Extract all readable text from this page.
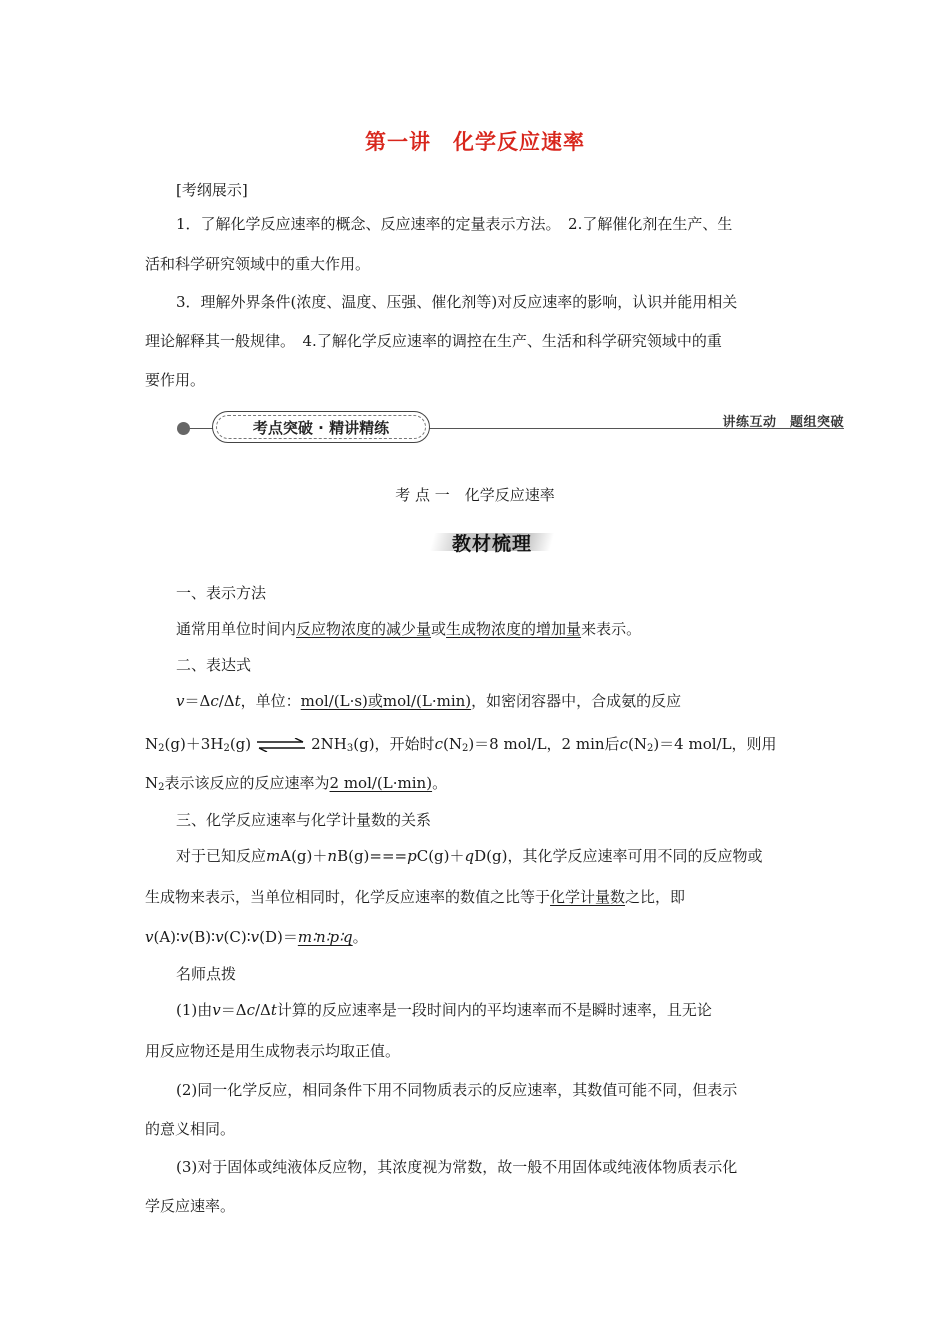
第一讲　化学反应速率
[考纲展示]
1．了解化学反应速率的概念、反应速率的定量表示方法。　2.了解催化剂在生产、生
活和科学研究领域中的重大作用。
3．理解外界条件(浓度、温度、压强、催化剂等)对反应速率的影响，认识并能用相关
理论解释其一般规律。　4.了解化学反应速率的调控在生产、生活和科学研究领域中的重
要作用。
考点突破 · 精讲精练	讲练互动　题组突破
考 点 一　化学反应速率
教材梳理
一、表示方法
通常用单位时间内反应物浓度的减少量或生成物浓度的增加量来表示。
二、表达式
v＝Δc/Δt，单位：mol/(L·s)或mol/(L·min)，如密闭容器中，合成氨的反应
$N_2(g)+3H_2(g)$ ⇌ $2NH_3(g)$，开始时$c(N_2)=8$ mol/L，2 min后$c(N_2)=4$ mol/L，则用
$N_2$表示该反应的反应速率为2 mol/(L·min)。
三、化学反应速率与化学计量数的关系
对于已知反应mA(g)＋nB(g)===pC(g)＋qD(g)，其化学反应速率可用不同的反应物或
生成物来表示，当单位相同时，化学反应速率的数值之比等于化学计量数之比，即
v(A)∶v(B)∶v(C)∶v(D)＝m∶n∶p∶q。
名师点拨
(1)由v＝Δc/Δt计算的反应速率是一段时间内的平均速率而不是瞬时速率，且无论
用反应物还是用生成物表示均取正值。
(2)同一化学反应，相同条件下用不同物质表示的反应速率，其数值可能不同，但表示
的意义相同。
(3)对于固体或纯液体反应物，其浓度视为常数，故一般不用固体或纯液体物质表示化
学反应速率。
